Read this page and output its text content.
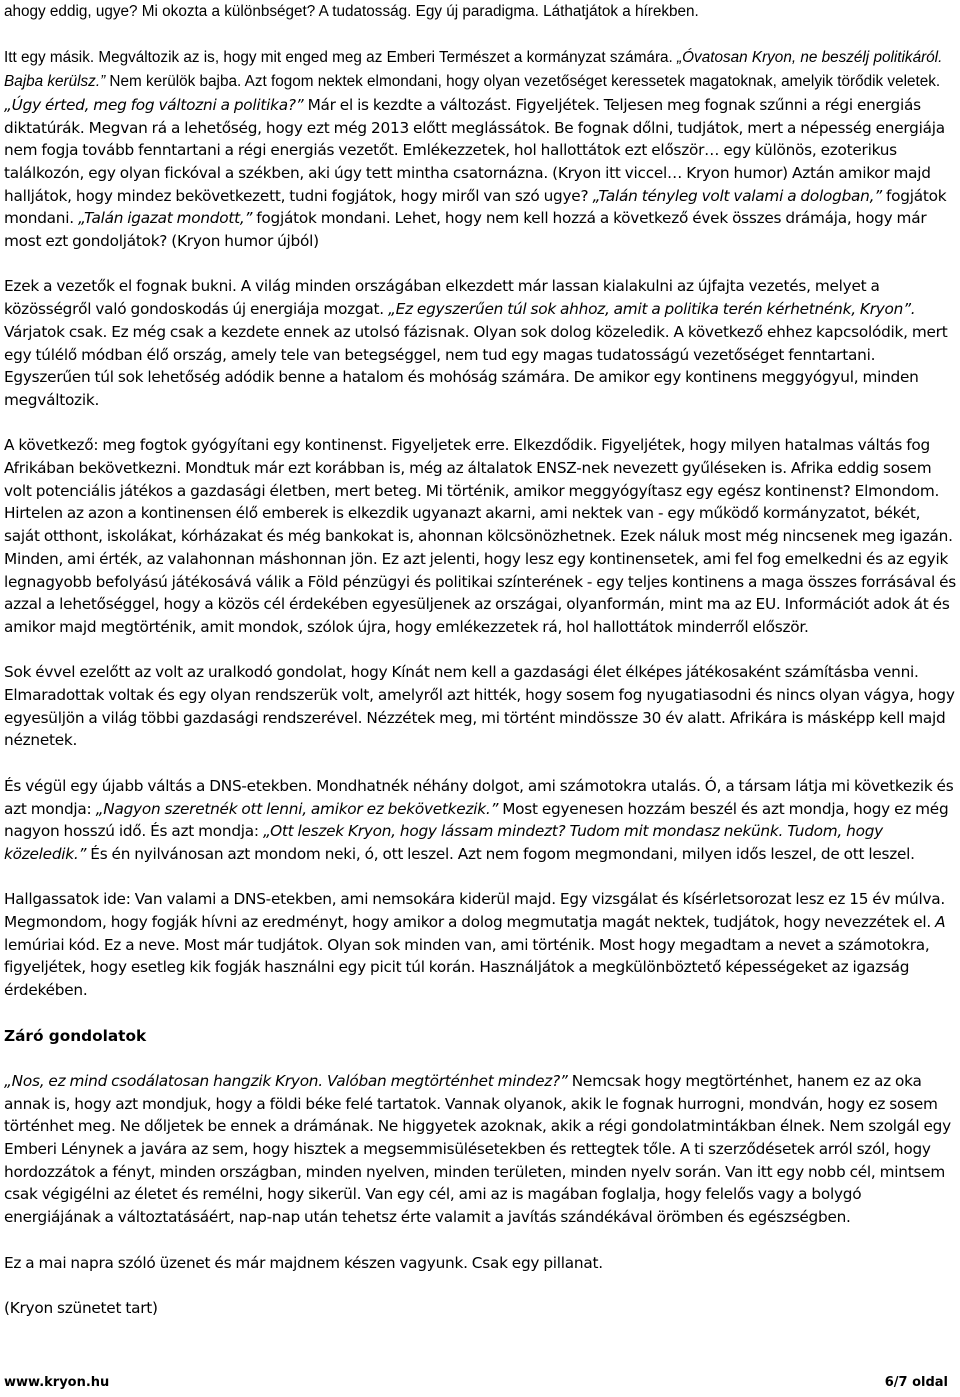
ahogy eddig, ugye? Mi okozta a különbséget? A tudatosság. Egy új paradigma. Láthatjátok a hírekben.

Itt egy másik. Megváltozik az is, hogy mit enged meg az Emberi Természet a kormányzat számára. „Óvatosan Kryon, ne beszélj politikáról. Bajba kerülsz.” Nem kerülök bajba. Azt fogom nektek elmondani, hogy olyan vezetőséget keressetek magatoknak, amelyik törődik veletek. „Úgy érted, meg fog változni a politika?” Már el is kezdte a változást. Figyeljétek. Teljesen meg fognak szűnni a régi energiás diktatúrák. Megvan rá a lehetőség, hogy ezt még 2013 előtt meglássátok. Be fognak dőlni, tudjátok, mert a népesség energiája nem fogja tovább fenntartani a régi energiás vezetőt. Emlékezzetek, hol hallottátok ezt először… egy különös, ezoterikus találkozón, egy olyan fickóval a székben, aki úgy tett mintha csatornázna. (Kryon itt viccel… Kryon humor) Aztán amikor majd halljátok, hogy mindez bekövetkezett, tudni fogjátok, hogy miről van szó ugye? „Talán tényleg volt valami a dologban,” fogjátok mondani. „Talán igazat mondott,” fogjátok mondani. Lehet, hogy nem kell hozzá a következő évek összes drámája, hogy már most ezt gondoljátok? (Kryon humor újból)

Ezek a vezetők el fognak bukni. A világ minden országában elkezdett már lassan kialakulni az újfajta vezetés, melyet a közösségről való gondoskodás új energiája mozgat. „Ez egyszerűen túl sok ahhoz, amit a politika terén kérhetnénk, Kryon”. Várjatok csak. Ez még csak a kezdete ennek az utolsó fázisnak. Olyan sok dolog közeledik. A következő ehhez kapcsolódik, mert egy túlélő módban élő ország, amely tele van betegséggel, nem tud egy magas tudatosságú vezetőséget fenntartani. Egyszerűen túl sok lehetőség adódik benne a hatalom és mohóság számára. De amikor egy kontinens meggyógyul, minden megváltozik.

A következő: meg fogtok gyógyítani egy kontinenst. Figyeljetek erre. Elkezdődik. Figyeljétek, hogy milyen hatalmas váltás fog Afrikában bekövetkezni. Mondtuk már ezt korábban is, még az általatok ENSZ-nek nevezett gyűléseken is. Afrika eddig sosem volt potenciális játékos a gazdasági életben, mert beteg. Mi történik, amikor meggyógyítasz egy egész kontinenst? Elmondom. Hirtelen az azon a kontinensen élő emberek is elkezdik ugyanazt akarni, ami nektek van - egy működő kormányzatot, békét, saját otthont, iskolákat, kórházakat és még bankokat is, ahonnan kölcsönözhetnek. Ezek náluk most még nincsenek meg igazán. Minden, ami érték, az valahonnan máshonnan jön. Ez azt jelenti, hogy lesz egy kontinensetek, ami fel fog emelkedni és az egyik legnagyobb befolyású játékosává válik a Föld pénzügyi és politikai színterének - egy teljes kontinens a maga összes forrásával és azzal a lehetőséggel, hogy a közös cél érdekében egyesüljenek az országai, olyanformán, mint ma az EU. Információt adok át és amikor majd megtörténik, amit mondok, szólok újra, hogy emlékezzetek rá, hol hallottátok minderről először.

Sok évvel ezelőtt az volt az uralkodó gondolat, hogy Kínát nem kell a gazdasági élet élképes játékosaként számításba venni. Elmaradottak voltak és egy olyan rendszerük volt, amelyről azt hitték, hogy sosem fog nyugatiasodni és nincs olyan vágya, hogy egyesüljön a világ többi gazdasági rendszerével. Nézzétek meg, mi történt mindössze 30 év alatt. Afrikára is másképp kell majd néznetek.

És végül egy újabb váltás a DNS-etekben. Mondhatnék néhány dolgot, ami számotokra utalás. Ó, a társam látja mi következik és azt mondja: „Nagyon szeretnék ott lenni, amikor ez bekövetkezik.” Most egyenesen hozzám beszél és azt mondja, hogy ez még nagyon hosszú idő. És azt mondja: „Ott leszek Kryon, hogy lássam mindezt? Tudom mit mondasz nekünk. Tudom, hogy közeledik.” És én nyilvánosan azt mondom neki, ó, ott leszel. Azt nem fogom megmondani, milyen idős leszel, de ott leszel.

Hallgassatok ide: Van valami a DNS-etekben, ami nemsokára kiderül majd. Egy vizsgálat és kísérletsorozat lesz ez 15 év múlva. Megmondom, hogy fogják hívni az eredményt, hogy amikor a dolog megmutatja magát nektek, tudjátok, hogy nevezzétek el. A lemúriai kód. Ez a neve. Most már tudjátok. Olyan sok minden van, ami történik. Most hogy megadtam a nevet a számotokra, figyeljétek, hogy esetleg kik fogják használni egy picit túl korán. Használjátok a megkülönböztető képességeket az igazság érdekében.

Záró gondolatok

„Nos, ez mind csodálatosan hangzik Kryon. Valóban megtörténhet mindez?” Nemcsak hogy megtörténhet, hanem ez az oka annak is, hogy azt mondjuk, hogy a földi béke felé tartatok. Vannak olyanok, akik le fognak hurrogni, mondván, hogy ez sosem történhet meg. Ne dőljetek be ennek a drámának. Ne higgyetek azoknak, akik a régi gondolatmintákban élnek. Nem szolgál egy Emberi Lénynek a javára az sem, hogy hisztek a megsemmisülésetekben és rettegtek tőle. A ti szerződésetek arról szól, hogy hordozzátok a fényt, minden országban, minden nyelven, minden területen, minden nyelv során. Van itt egy nobb cél, mintsem csak végigélni az életet és remélni, hogy sikerül. Van egy cél, ami az is magában foglalja, hogy felelős vagy a bolygó energiájának a változtatásáért, nap-nap után tehetsz érte valamit a javítás szándékával örömben és egészségben.

Ez a mai napra szóló üzenet és már majdnem készen vagyunk. Csak egy pillanat.

(Kryon szünetet tart)

www.kryon.hu	6/7 oldal
